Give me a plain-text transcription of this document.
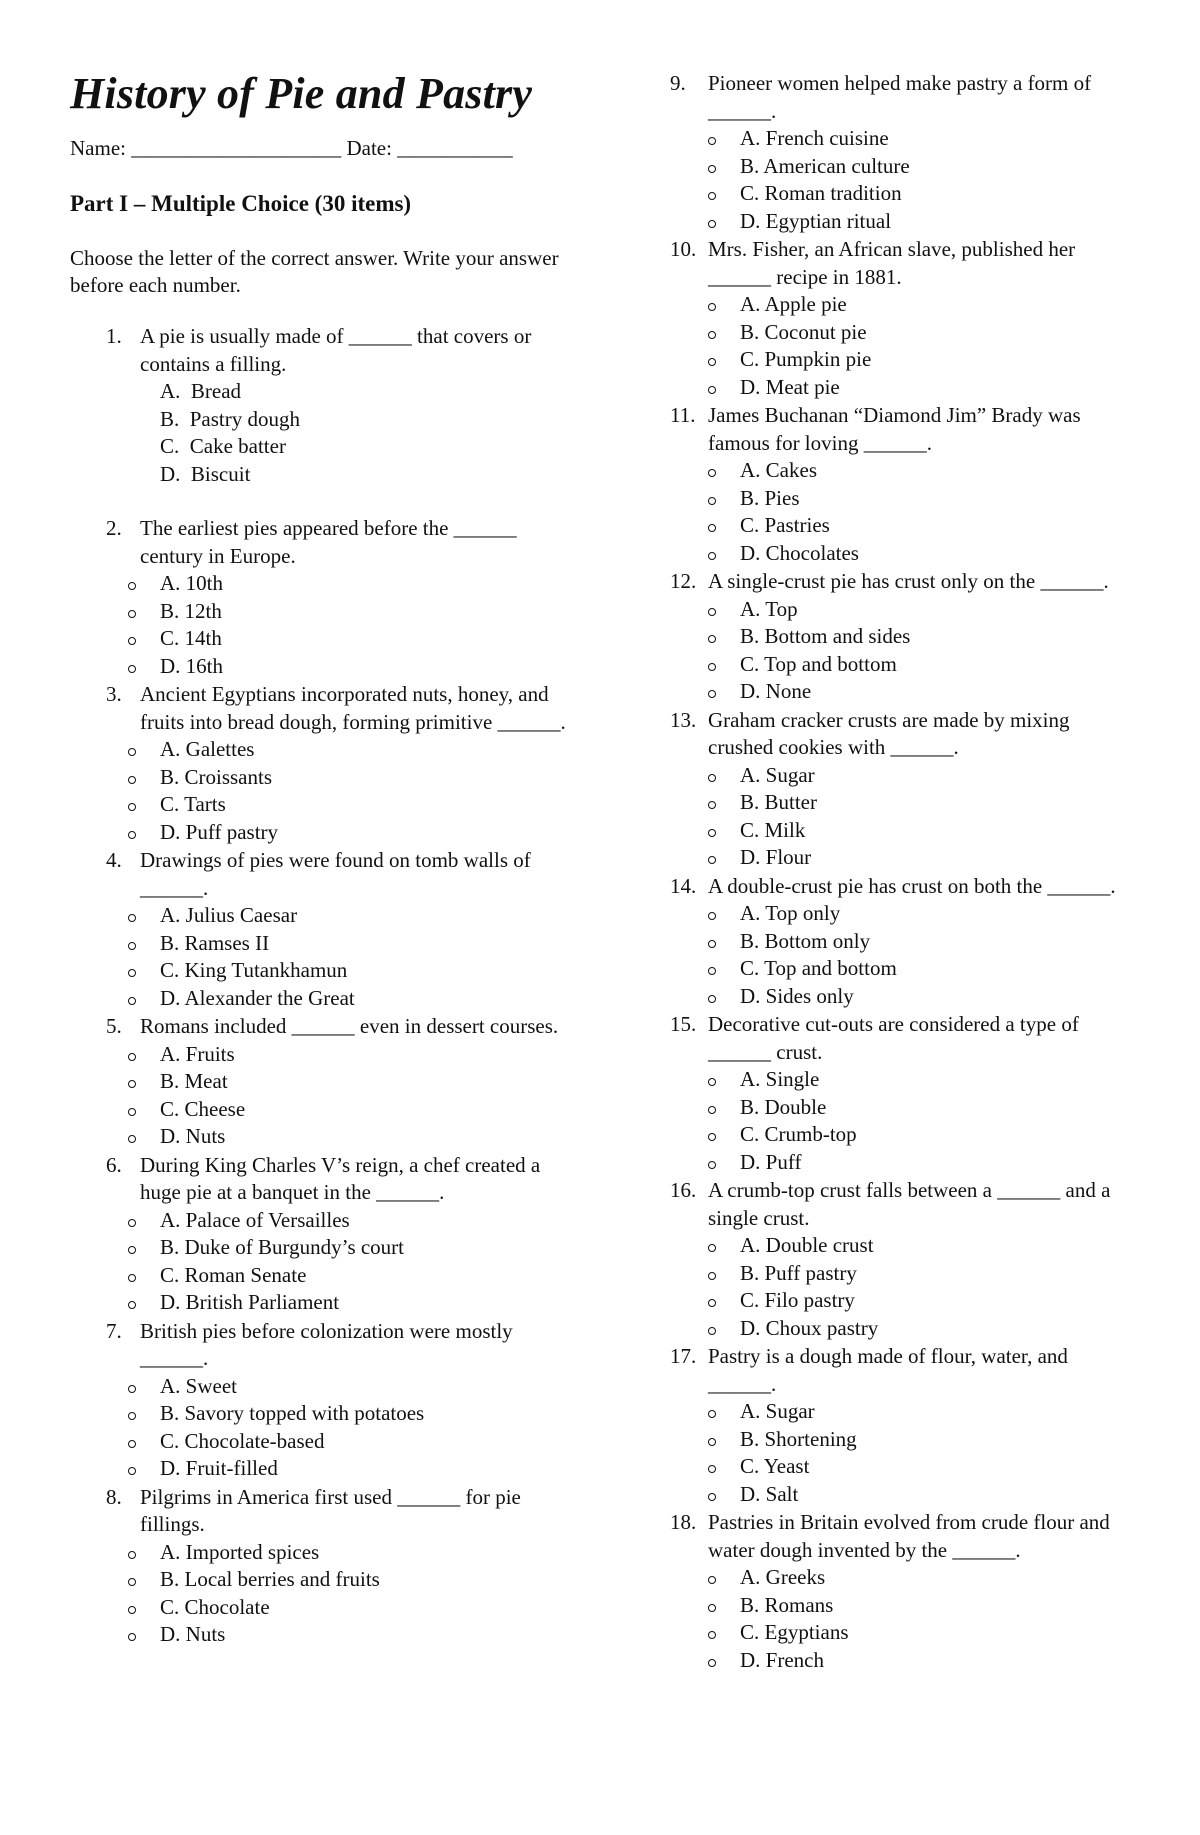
History of Pie and Pastry
Name: ____________________ Date: ___________
Part I – Multiple Choice (30 items)
Choose the letter of the correct answer. Write your answer before each number.
1. A pie is usually made of ______ that covers or contains a filling.
A.  Bread
B.  Pastry dough
C.  Cake batter
D.  Biscuit
2. The earliest pies appeared before the ______ century in Europe.
A. 10th
B. 12th
C. 14th
D. 16th
3. Ancient Egyptians incorporated nuts, honey, and fruits into bread dough, forming primitive ______.
A. Galettes
B. Croissants
C. Tarts
D. Puff pastry
4. Drawings of pies were found on tomb walls of ______.
A. Julius Caesar
B. Ramses II
C. King Tutankhamun
D. Alexander the Great
5. Romans included ______ even in dessert courses.
A. Fruits
B. Meat
C. Cheese
D. Nuts
6. During King Charles V’s reign, a chef created a huge pie at a banquet in the ______.
A. Palace of Versailles
B. Duke of Burgundy’s court
C. Roman Senate
D. British Parliament
7. British pies before colonization were mostly ______.
A. Sweet
B. Savory topped with potatoes
C. Chocolate-based
D. Fruit-filled
8. Pilgrims in America first used ______ for pie fillings.
A. Imported spices
B. Local berries and fruits
C. Chocolate
D. Nuts
9. Pioneer women helped make pastry a form of ______.
A. French cuisine
B. American culture
C. Roman tradition
D. Egyptian ritual
10. Mrs. Fisher, an African slave, published her ______ recipe in 1881.
A. Apple pie
B. Coconut pie
C. Pumpkin pie
D. Meat pie
11. James Buchanan “Diamond Jim” Brady was famous for loving ______.
A. Cakes
B. Pies
C. Pastries
D. Chocolates
12. A single-crust pie has crust only on the ______.
A. Top
B. Bottom and sides
C. Top and bottom
D. None
13. Graham cracker crusts are made by mixing crushed cookies with ______.
A. Sugar
B. Butter
C. Milk
D. Flour
14. A double-crust pie has crust on both the ______.
A. Top only
B. Bottom only
C. Top and bottom
D. Sides only
15. Decorative cut-outs are considered a type of ______ crust.
A. Single
B. Double
C. Crumb-top
D. Puff
16. A crumb-top crust falls between a ______ and a single crust.
A. Double crust
B. Puff pastry
C. Filo pastry
D. Choux pastry
17. Pastry is a dough made of flour, water, and ______.
A. Sugar
B. Shortening
C. Yeast
D. Salt
18. Pastries in Britain evolved from crude flour and water dough invented by the ______.
A. Greeks
B. Romans
C. Egyptians
D. French
